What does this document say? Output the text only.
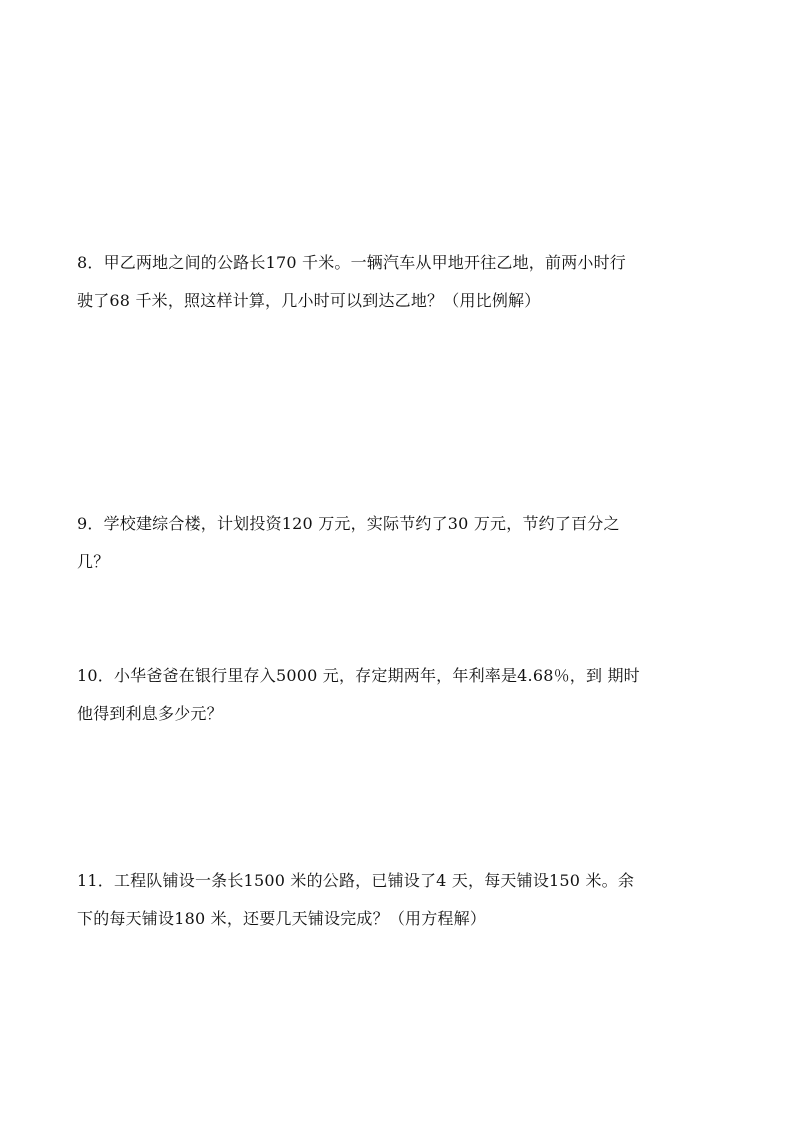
8．甲乙两地之间的公路长170 千米。一辆汽车从甲地开往乙地，前两小时行
驶了68 千米，照这样计算，几小时可以到达乙地？（用比例解）
9．学校建综合楼，计划投资120 万元，实际节约了30 万元，节约了百分之
几？
10．小华爸爸在银行里存入5000 元，存定期两年，年利率是4.68％，到 期时
他得到利息多少元？
11．工程队铺设一条长1500 米的公路，已铺设了4 天，每天铺设150 米。余
下的每天铺设180 米，还要几天铺设完成？（用方程解）
